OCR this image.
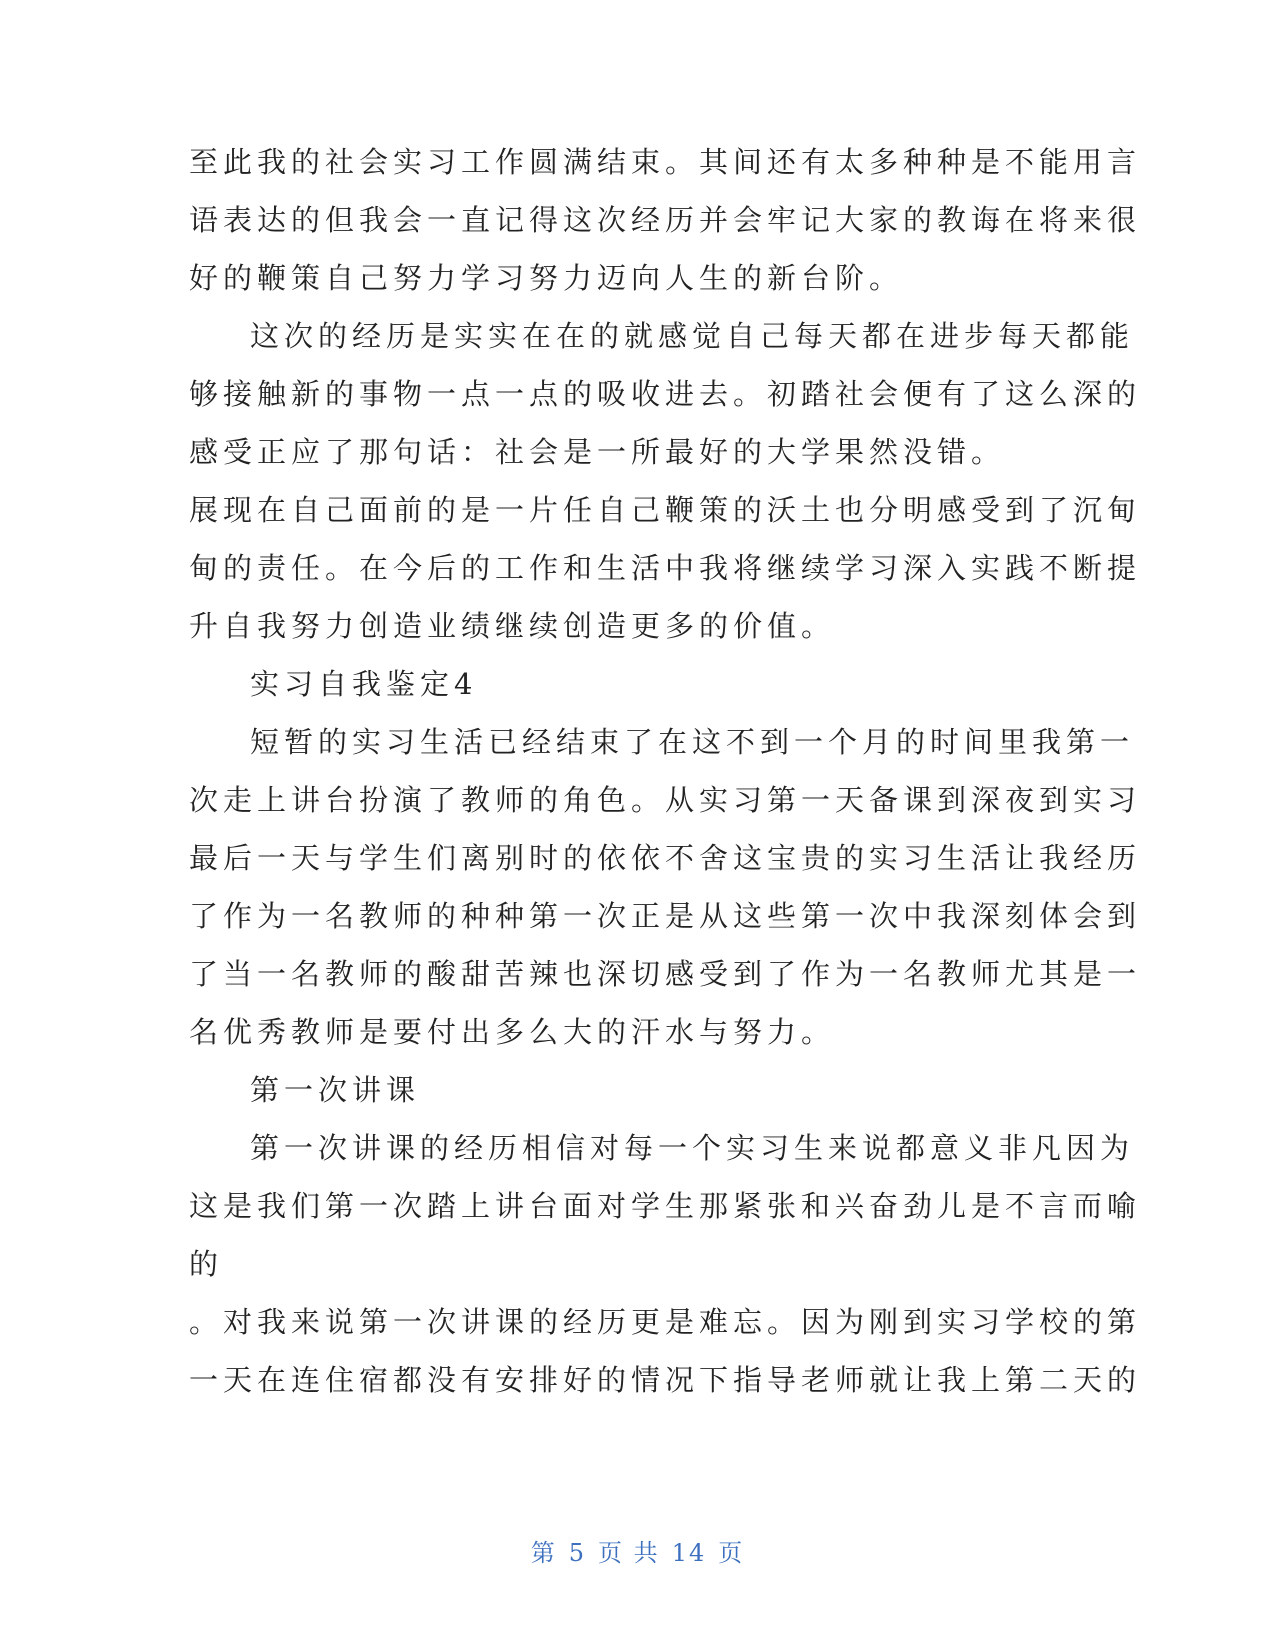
至此我的社会实习工作圆满结束。其间还有太多种种是不能用言
语表达的但我会一直记得这次经历并会牢记大家的教诲在将来很
好的鞭策自己努力学习努力迈向人生的新台阶。
这次的经历是实实在在的就感觉自己每天都在进步每天都能
够接触新的事物一点一点的吸收进去。初踏社会便有了这么深的
感受正应了那句话：社会是一所最好的大学果然没错。
展现在自己面前的是一片任自己鞭策的沃土也分明感受到了沉甸
甸的责任。在今后的工作和生活中我将继续学习深入实践不断提
升自我努力创造业绩继续创造更多的价值。
实习自我鉴定4
短暂的实习生活已经结束了在这不到一个月的时间里我第一
次走上讲台扮演了教师的角色。从实习第一天备课到深夜到实习
最后一天与学生们离别时的依依不舍这宝贵的实习生活让我经历
了作为一名教师的种种第一次正是从这些第一次中我深刻体会到
了当一名教师的酸甜苦辣也深切感受到了作为一名教师尤其是一
名优秀教师是要付出多么大的汗水与努力。
第一次讲课
第一次讲课的经历相信对每一个实习生来说都意义非凡因为
这是我们第一次踏上讲台面对学生那紧张和兴奋劲儿是不言而喻
的
。对我来说第一次讲课的经历更是难忘。因为刚到实习学校的第
一天在连住宿都没有安排好的情况下指导老师就让我上第二天的
第 5 页 共 14 页
